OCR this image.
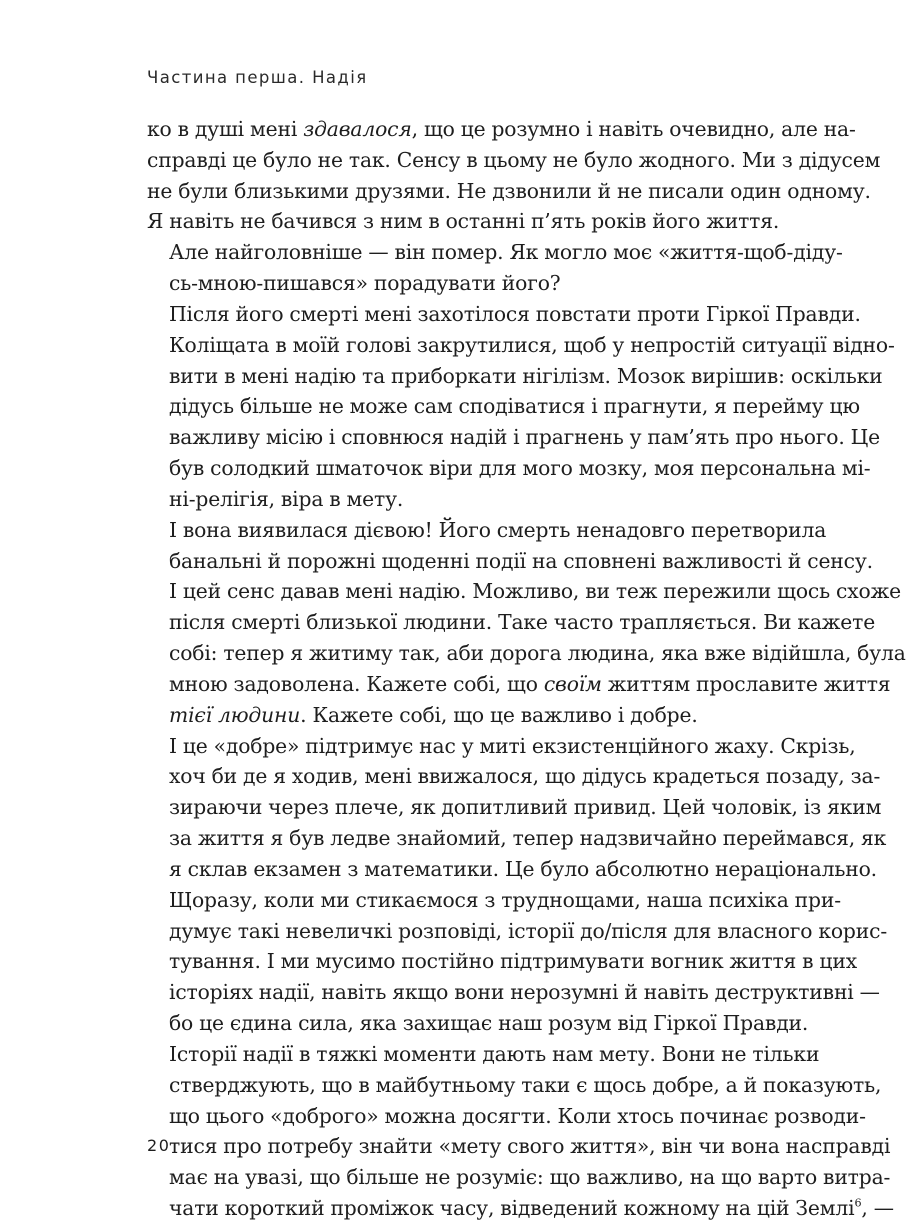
Частина перша. Надія

ко в душі мені здавалося, що це розумно і навіть очевидно, але на-
справді це було не так. Сенсу в цьому не було жодного. Ми з дідусем
не були близькими друзями. Не дзвонили й не писали один одному.
Я навіть не бачився з ним в останні п’ять років його життя.

Але найголовніше — він помер. Як могло моє «життя-щоб-діду-
сь-мною-пишався» порадувати його?

Після його смерті мені захотілося повстати проти Гіркої Правди.
Коліщата в моїй голові закрутилися, щоб у непростій ситуації відно-
вити в мені надію та приборкати нігілізм. Мозок вирішив: оскільки
дідусь більше не може сам сподіватися і прагнути, я перейму цю
важливу місію і сповнюся надій і прагнень у пам’ять про нього. Це
був солодкий шматочок віри для мого мозку, моя персональна мі-
ні-релігія, віра в мету.

І вона виявилася дієвою! Його смерть ненадовго перетворила
банальні й порожні щоденні події на сповнені важливості й сенсу.
І цей сенс давав мені надію. Можливо, ви теж пережили щось схоже
після смерті близької людини. Таке часто трапляється. Ви кажете
собі: тепер я житиму так, аби дорога людина, яка вже відійшла, була
мною задоволена. Кажете собі, що своїм життям прославите життя
тієї людини. Кажете собі, що це важливо і добре.

І це «добре» підтримує нас у миті екзистенційного жаху. Скрізь,
хоч би де я ходив, мені ввижалося, що дідусь крадеться позаду, за-
зираючи через плече, як допитливий привид. Цей чоловік, із яким
за життя я був ледве знайомий, тепер надзвичайно переймався, як
я склав екзамен з математики. Це було абсолютно нераціонально.

Щоразу, коли ми стикаємося з труднощами, наша психіка при-
думує такі невеличкі розповіді, історії до/після для власного корис-
тування. І ми мусимо постійно підтримувати вогник життя в цих
історіях надії, навіть якщо вони нерозумні й навіть деструктивні —
бо це єдина сила, яка захищає наш розум від Гіркої Правди.

Історії надії в тяжкі моменти дають нам мету. Вони не тільки
стверджують, що в майбутньому таки є щось добре, а й показують,
що цього «доброго» можна досягти. Коли хтось починає розводи-
тися про потребу знайти «мету свого життя», він чи вона насправді
має на увазі, що більше не розуміє: що важливо, на що варто витра-
чати короткий проміжок часу, відведений кожному на цій Землі$^6$, —

20
